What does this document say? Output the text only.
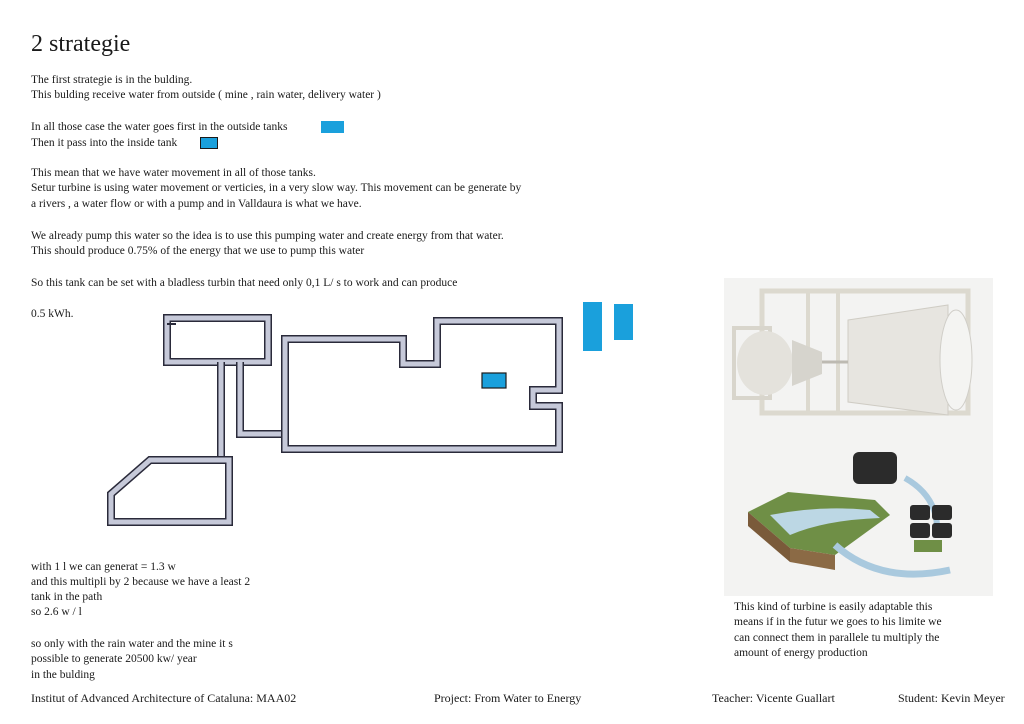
2 strategie
The first strategie is in the bulding.
This bulding receive water from outside ( mine , rain water, delivery water )
In all those case the water goes first in the outside tanks
Then it pass into the inside tank
This mean that we have water movement in all of those tanks.
Setur turbine is using water movement or verticies, in a very slow way. This movement can be generate by
a rivers , a water flow or with a pump and in Valldaura is what we have.
We already pump this water so the idea is to use this pumping water and create energy from that water.
This should produce 0.75% of the energy that we use to pump this water
So this tank can be set with a bladless turbin that need only 0,1 L/ s to work and can produce
0.5 kWh.
with 1 l we can generat = 1.3 w
and this multipli by 2 because we have a least 2
tank in the path
so 2.6 w / l
so only with the rain water and the mine it s
possible to generate 20500 kw/ year
in the bulding
This kind of turbine is easily adaptable this
means if in the futur we goes to his limite we
can connect them in parallele tu multiply the
amount of energy production
Institut of Advanced Architecture of Cataluna: MAA02	Project: From Water to Energy	Teacher: Vicente Guallart	Student: Kevin Meyer
